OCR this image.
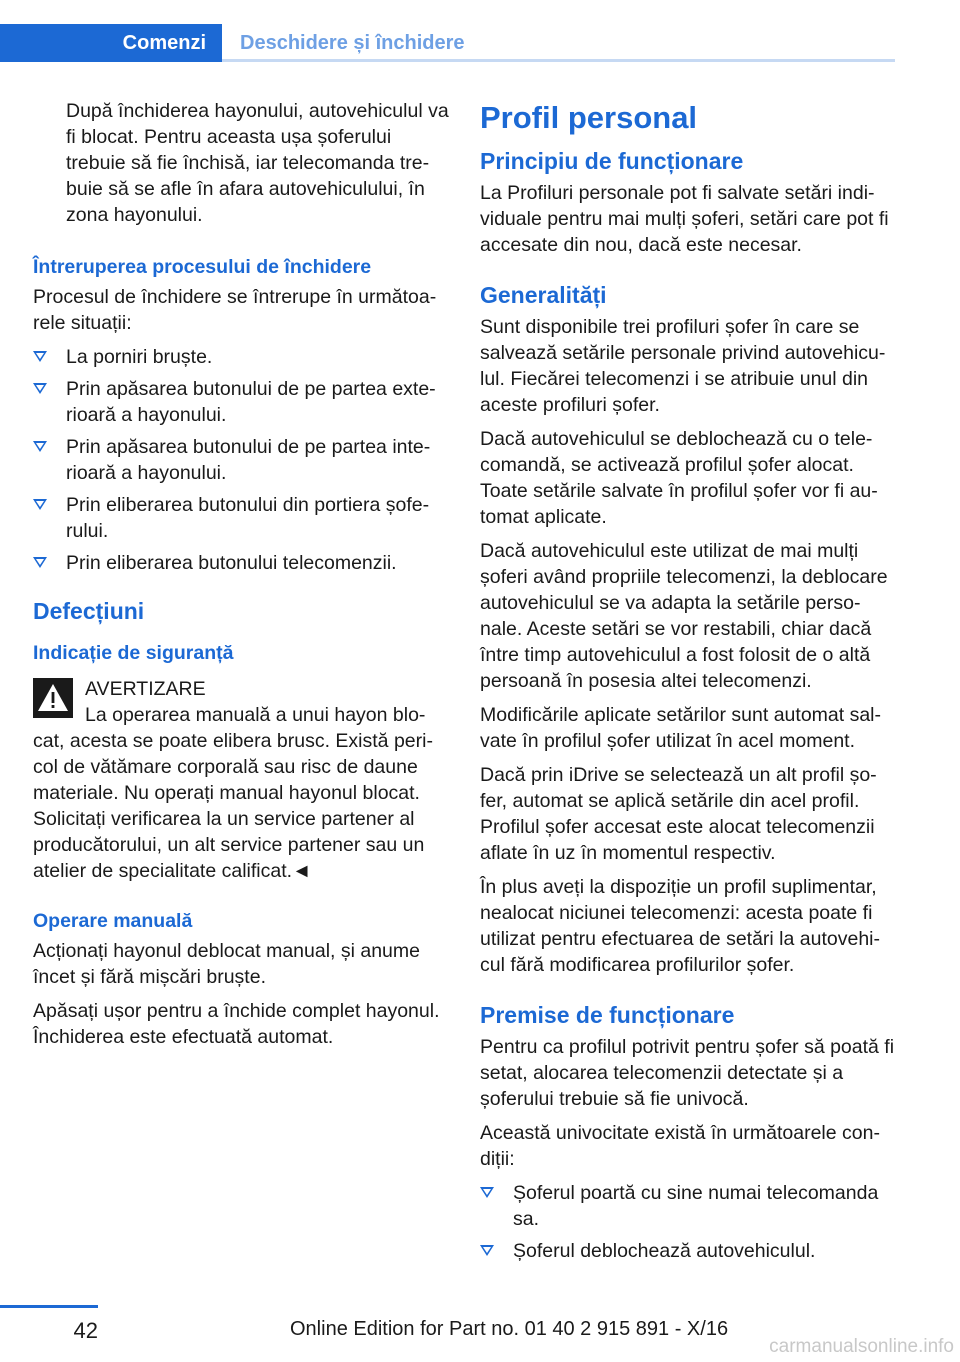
Comenzi	Deschidere și închidere

După închiderea hayonului, autovehiculul va fi blocat. Pentru aceasta ușa șoferului trebuie să fie închisă, iar telecomanda tre-buie să se afle în afara autovehiculului, în zona hayonului.

Întreruperea procesului de închidere

Procesul de închidere se întrerupe în următoa-rele situații:

La porniri bruște.
Prin apăsarea butonului de pe partea exte-rioară a hayonului.
Prin apăsarea butonului de pe partea inte-rioară a hayonului.
Prin eliberarea butonului din portiera șofe-rului.
Prin eliberarea butonului telecomenzii.
Defecțiuni
Indicație de siguranță
AVERTIZARE
La operarea manuală a unui hayon blo-

cat, acesta se poate elibera brusc. Există peri-col de vătămare corporală sau risc de daune materiale. Nu operați manual hayonul blocat. Solicitați verificarea la un service partener al producătorului, un alt service partener sau un atelier de specialitate calificat.◄

Operare manuală

Acționați hayonul deblocat manual, și anume încet și fără mișcări bruște.

Apăsați ușor pentru a închide complet hayonul. Închiderea este efectuată automat.

Profil personal
Principiu de funcționare

La Profiluri personale pot fi salvate setări indi-viduale pentru mai mulți șoferi, setări care pot fi accesate din nou, dacă este necesar.

Generalități

Sunt disponibile trei profiluri șofer în care se salvează setările personale privind autovehicu-lul. Fiecărei telecomenzi i se atribuie unul din aceste profiluri șofer.

Dacă autovehiculul se deblochează cu o tele-comandă, se activează profilul șofer alocat. Toate setările salvate în profilul șofer vor fi au-tomat aplicate.

Dacă autovehiculul este utilizat de mai mulți șoferi având propriile telecomenzi, la deblocare autovehiculul se va adapta la setările perso-nale. Aceste setări se vor restabili, chiar dacă între timp autovehiculul a fost folosit de o altă persoană în posesia altei telecomenzi.

Modificările aplicate setărilor sunt automat sal-vate în profilul șofer utilizat în acel moment.

Dacă prin iDrive se selectează un alt profil șo-fer, automat se aplică setările din acel profil. Profilul șofer accesat este alocat telecomenzii aflate în uz în momentul respectiv.

În plus aveți la dispoziție un profil suplimentar, nealocat niciunei telecomenzi: acesta poate fi utilizat pentru efectuarea de setări la autovehi-cul fără modificarea profilurilor șofer.

Premise de funcționare

Pentru ca profilul potrivit pentru șofer să poată fi setat, alocarea telecomenzii detectate și a șoferului trebuie să fie univocă.

Această univocitate există în următoarele con-diții:

Șoferul poartă cu sine numai telecomanda sa.
Șoferul deblochează autovehiculul.
42	Online Edition for Part no. 01 40 2 915 891 - X/16
carmanualsonline.info
